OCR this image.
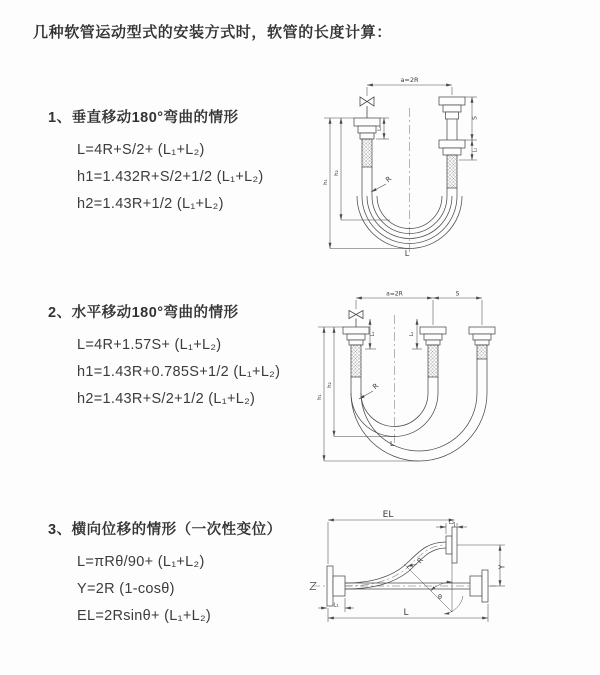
几种软管运动型式的安装方式时，软管的长度计算：
1、垂直移动180°弯曲的情形
L=4R+S/2+ (L₁+L₂)
h1=1.432R+S/2+1/2 (L₁+L₂)
h2=1.43R+1/2 (L₁+L₂)
2、水平移动180°弯曲的情形
L=4R+1.57S+ (L₁+L₂)
h1=1.43R+0.785S+1/2 (L₁+L₂)
h2=1.43R+S/2+1/2 (L₁+L₂)
3、横向位移的情形（一次性变位）
L=πRθ/90+ (L₁+L₂)
Y=2R (1-cosθ)
EL=2Rsinθ+ (L₁+L₂)
a=2R
h₁
h₂
L₁
S
L₂
R
L
a=2R	S
h₁
h₂
L₁	L₂
R
L
θ
R
EL
L₂
Y
L
L₁
